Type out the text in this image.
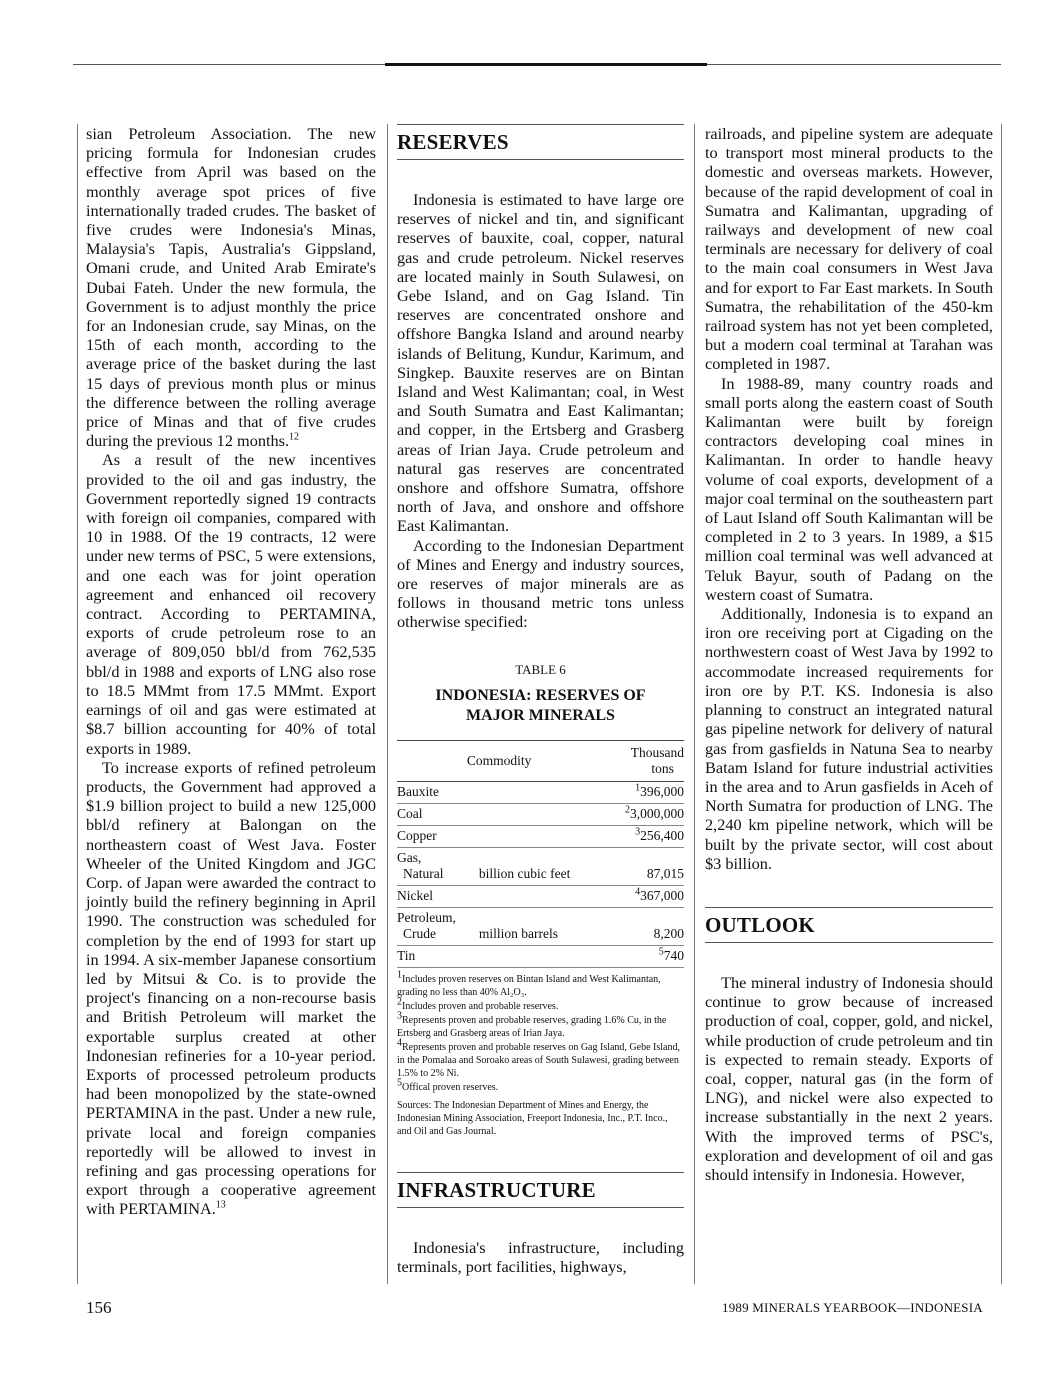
sian Petroleum Association. The new pricing formula for Indonesian crudes effective from April was based on the monthly average spot prices of five internationally traded crudes. The basket of five crudes were Indonesia's Minas, Malaysia's Tapis, Australia's Gippsland, Omani crude, and United Arab Emirate's Dubai Fateh. Under the new formula, the Government is to adjust monthly the price for an Indonesian crude, say Minas, on the 15th of each month, according to the average price of the basket during the last 15 days of previous month plus or minus the difference between the rolling average price of Minas and that of five crudes during the previous 12 months.$^{12}$

As a result of the new incentives provided to the oil and gas industry, the Government reportedly signed 19 contracts with foreign oil companies, compared with 10 in 1988. Of the 19 contracts, 12 were under new terms of PSC, 5 were extensions, and one each was for joint operation agreement and enhanced oil recovery contract. According to PERTAMINA, exports of crude petroleum rose to an average of 809,050 bbl/d from 762,535 bbl/d in 1988 and exports of LNG also rose to 18.5 MMmt from 17.5 MMmt. Export earnings of oil and gas were estimated at $8.7 billion accounting for 40% of total exports in 1989.

To increase exports of refined petroleum products, the Government had approved a $1.9 billion project to build a new 125,000 bbl/d refinery at Balongan on the northeastern coast of West Java. Foster Wheeler of the United Kingdom and JGC Corp. of Japan were awarded the contract to jointly build the refinery beginning in April 1990. The construction was scheduled for completion by the end of 1993 for start up in 1994. A six-member Japanese consortium led by Mitsui & Co. is to provide the project's financing on a non-recourse basis and British Petroleum will market the exportable surplus created at other Indonesian refineries for a 10-year period. Exports of processed petroleum products had been monopolized by the state-owned PERTAMINA in the past. Under a new rule, private local and foreign companies reportedly will be allowed to invest in refining and gas processing operations for export through a cooperative agreement with PERTAMINA.$^{13}$

RESERVES

Indonesia is estimated to have large ore reserves of nickel and tin, and significant reserves of bauxite, coal, copper, natural gas and crude petroleum. Nickel reserves are located mainly in South Sulawesi, on Gebe Island, and on Gag Island. Tin reserves are concentrated onshore and offshore Bangka Island and around nearby islands of Belitung, Kundur, Karimum, and Singkep. Bauxite reserves are on Bintan Island and West Kalimantan; coal, in West and South Sumatra and East Kalimantan; and copper, in the Ertsberg and Grasberg areas of Irian Jaya. Crude petroleum and natural gas reserves are concentrated onshore and offshore Sumatra, offshore north of Java, and onshore and offshore East Kalimantan.

According to the Indonesian Department of Mines and Energy and industry sources, ore reserves of major minerals are as follows in thousand metric tons unless otherwise specified:

TABLE 6
INDONESIA: RESERVES OF
MAJOR MINERALS
Commodity		Thousand
tons

Bauxite		$^1$396,000

Coal		$^2$3,000,000

Copper		$^3$256,400

Gas,
Natural	billion cubic feet	87,015

Nickel		$^4$367,000

Petroleum,
Crude	million barrels	8,200

Tin		$^5$740
$^1$Includes proven reserves on Bintan Island and West Kalimantan, grading no less than 40% Al₂O₃.
$^2$Includes proven and probable reserves.
$^3$Represents proven and probable reserves, grading 1.6% Cu, in the Ertsberg and Grasberg areas of Irian Jaya.
$^4$Represents proven and probable reserves on Gag Island, Gebe Island, in the Pomalaa and Soroako areas of South Sulawesi, grading between 1.5% to 2% Ni.
$^5$Offical proven reserves.
Sources: The Indonesian Department of Mines and Energy, the Indonesian Mining Association, Freeport Indonesia, Inc., P.T. Inco., and Oil and Gas Journal.
INFRASTRUCTURE

Indonesia's infrastructure, including terminals, port facilities, highways,

railroads, and pipeline system are adequate to transport most mineral products to the domestic and overseas markets. However, because of the rapid development of coal in Sumatra and Kalimantan, upgrading of railways and development of new coal terminals are necessary for delivery of coal to the main coal consumers in West Java and for export to Far East markets. In South Sumatra, the rehabilitation of the 450-km railroad system has not yet been completed, but a modern coal terminal at Tarahan was completed in 1987.

In 1988-89, many country roads and small ports along the eastern coast of South Kalimantan were built by foreign contractors developing coal mines in Kalimantan. In order to handle heavy volume of coal exports, development of a major coal terminal on the southeastern part of Laut Island off South Kalimantan will be completed in 2 to 3 years. In 1989, a $15 million coal terminal was well advanced at Teluk Bayur, south of Padang on the western coast of Sumatra.

Additionally, Indonesia is to expand an iron ore receiving port at Cigading on the northwestern coast of West Java by 1992 to accommodate increased requirements for iron ore by P.T. KS. Indonesia is also planning to construct an integrated natural gas pipeline network for delivery of natural gas from gasfields in Natuna Sea to nearby Batam Island for future industrial activities in the area and to Arun gasfields in Aceh of North Sumatra for production of LNG. The 2,240 km pipeline network, which will be built by the private sector, will cost about $3 billion.

OUTLOOK

The mineral industry of Indonesia should continue to grow because of increased production of coal, copper, gold, and nickel, while production of crude petroleum and tin is expected to remain steady. Exports of coal, copper, natural gas (in the form of LNG), and nickel were also expected to increase substantially in the next 2 years. With the improved terms of PSC's, exploration and development of oil and gas should intensify in Indonesia. However,

156	1989 MINERALS YEARBOOK—INDONESIA
